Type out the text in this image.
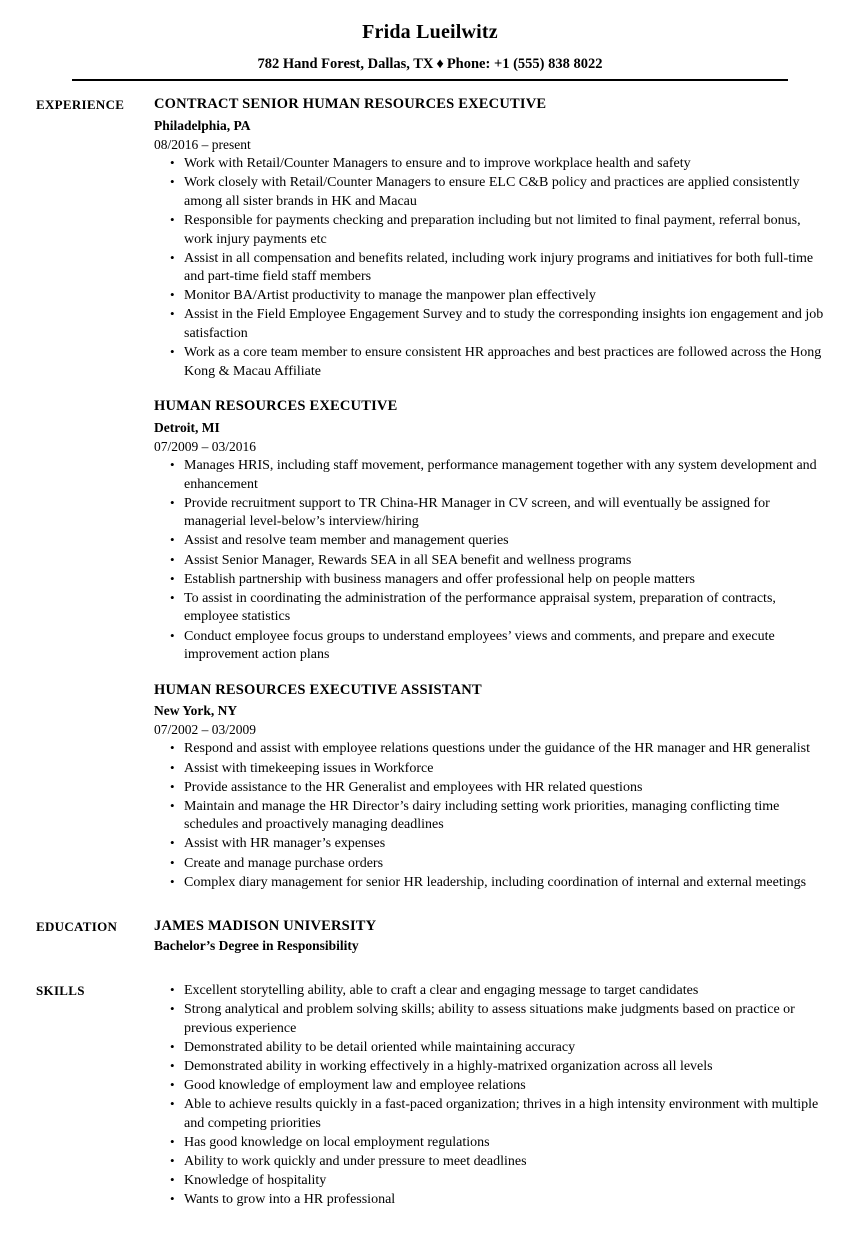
Frida Lueilwitz
782 Hand Forest, Dallas, TX ♦ Phone: +1 (555) 838 8022
EXPERIENCE	CONTRACT SENIOR HUMAN RESOURCES EXECUTIVE
Philadelphia, PA
08/2016 – present
• Work with Retail/Counter Managers to ensure and to improve workplace health and safety
• Work closely with Retail/Counter Managers to ensure ELC C&B policy and practices are applied consistently among all sister brands in HK and Macau
• Responsible for payments checking and preparation including but not limited to final payment, referral bonus, work injury payments etc
• Assist in all compensation and benefits related, including work injury programs and initiatives for both full-time and part-time field staff members
• Monitor BA/Artist productivity to manage the manpower plan effectively
• Assist in the Field Employee Engagement Survey and to study the corresponding insights ion engagement and job satisfaction
• Work as a core team member to ensure consistent HR approaches and best practices are followed across the Hong Kong & Macau Affiliate
HUMAN RESOURCES EXECUTIVE
Detroit, MI
07/2009 – 03/2016
• Manages HRIS, including staff movement, performance management together with any system development and enhancement
• Provide recruitment support to TR China-HR Manager in CV screen, and will eventually be assigned for managerial level-below’s interview/hiring
• Assist and resolve team member and management queries
• Assist Senior Manager, Rewards SEA in all SEA benefit and wellness programs
• Establish partnership with business managers and offer professional help on people matters
• To assist in coordinating the administration of the performance appraisal system, preparation of contracts, employee statistics
• Conduct employee focus groups to understand employees’ views and comments, and prepare and execute improvement action plans
HUMAN RESOURCES EXECUTIVE ASSISTANT
New York, NY
07/2002 – 03/2009
• Respond and assist with employee relations questions under the guidance of the HR manager and HR generalist
• Assist with timekeeping issues in Workforce
• Provide assistance to the HR Generalist and employees with HR related questions
• Maintain and manage the HR Director’s dairy including setting work priorities, managing conflicting time schedules and proactively managing deadlines
• Assist with HR manager’s expenses
• Create and manage purchase orders
• Complex diary management for senior HR leadership, including coordination of internal and external meetings
EDUCATION	JAMES MADISON UNIVERSITY
Bachelor’s Degree in Responsibility
SKILLS	• Excellent storytelling ability, able to craft a clear and engaging message to target candidates
• Strong analytical and problem solving skills; ability to assess situations make judgments based on practice or previous experience
• Demonstrated ability to be detail oriented while maintaining accuracy
• Demonstrated ability in working effectively in a highly-matrixed organization across all levels
• Good knowledge of employment law and employee relations
• Able to achieve results quickly in a fast-paced organization; thrives in a high intensity environment with multiple and competing priorities
• Has good knowledge on local employment regulations
• Ability to work quickly and under pressure to meet deadlines
• Knowledge of hospitality
• Wants to grow into a HR professional
